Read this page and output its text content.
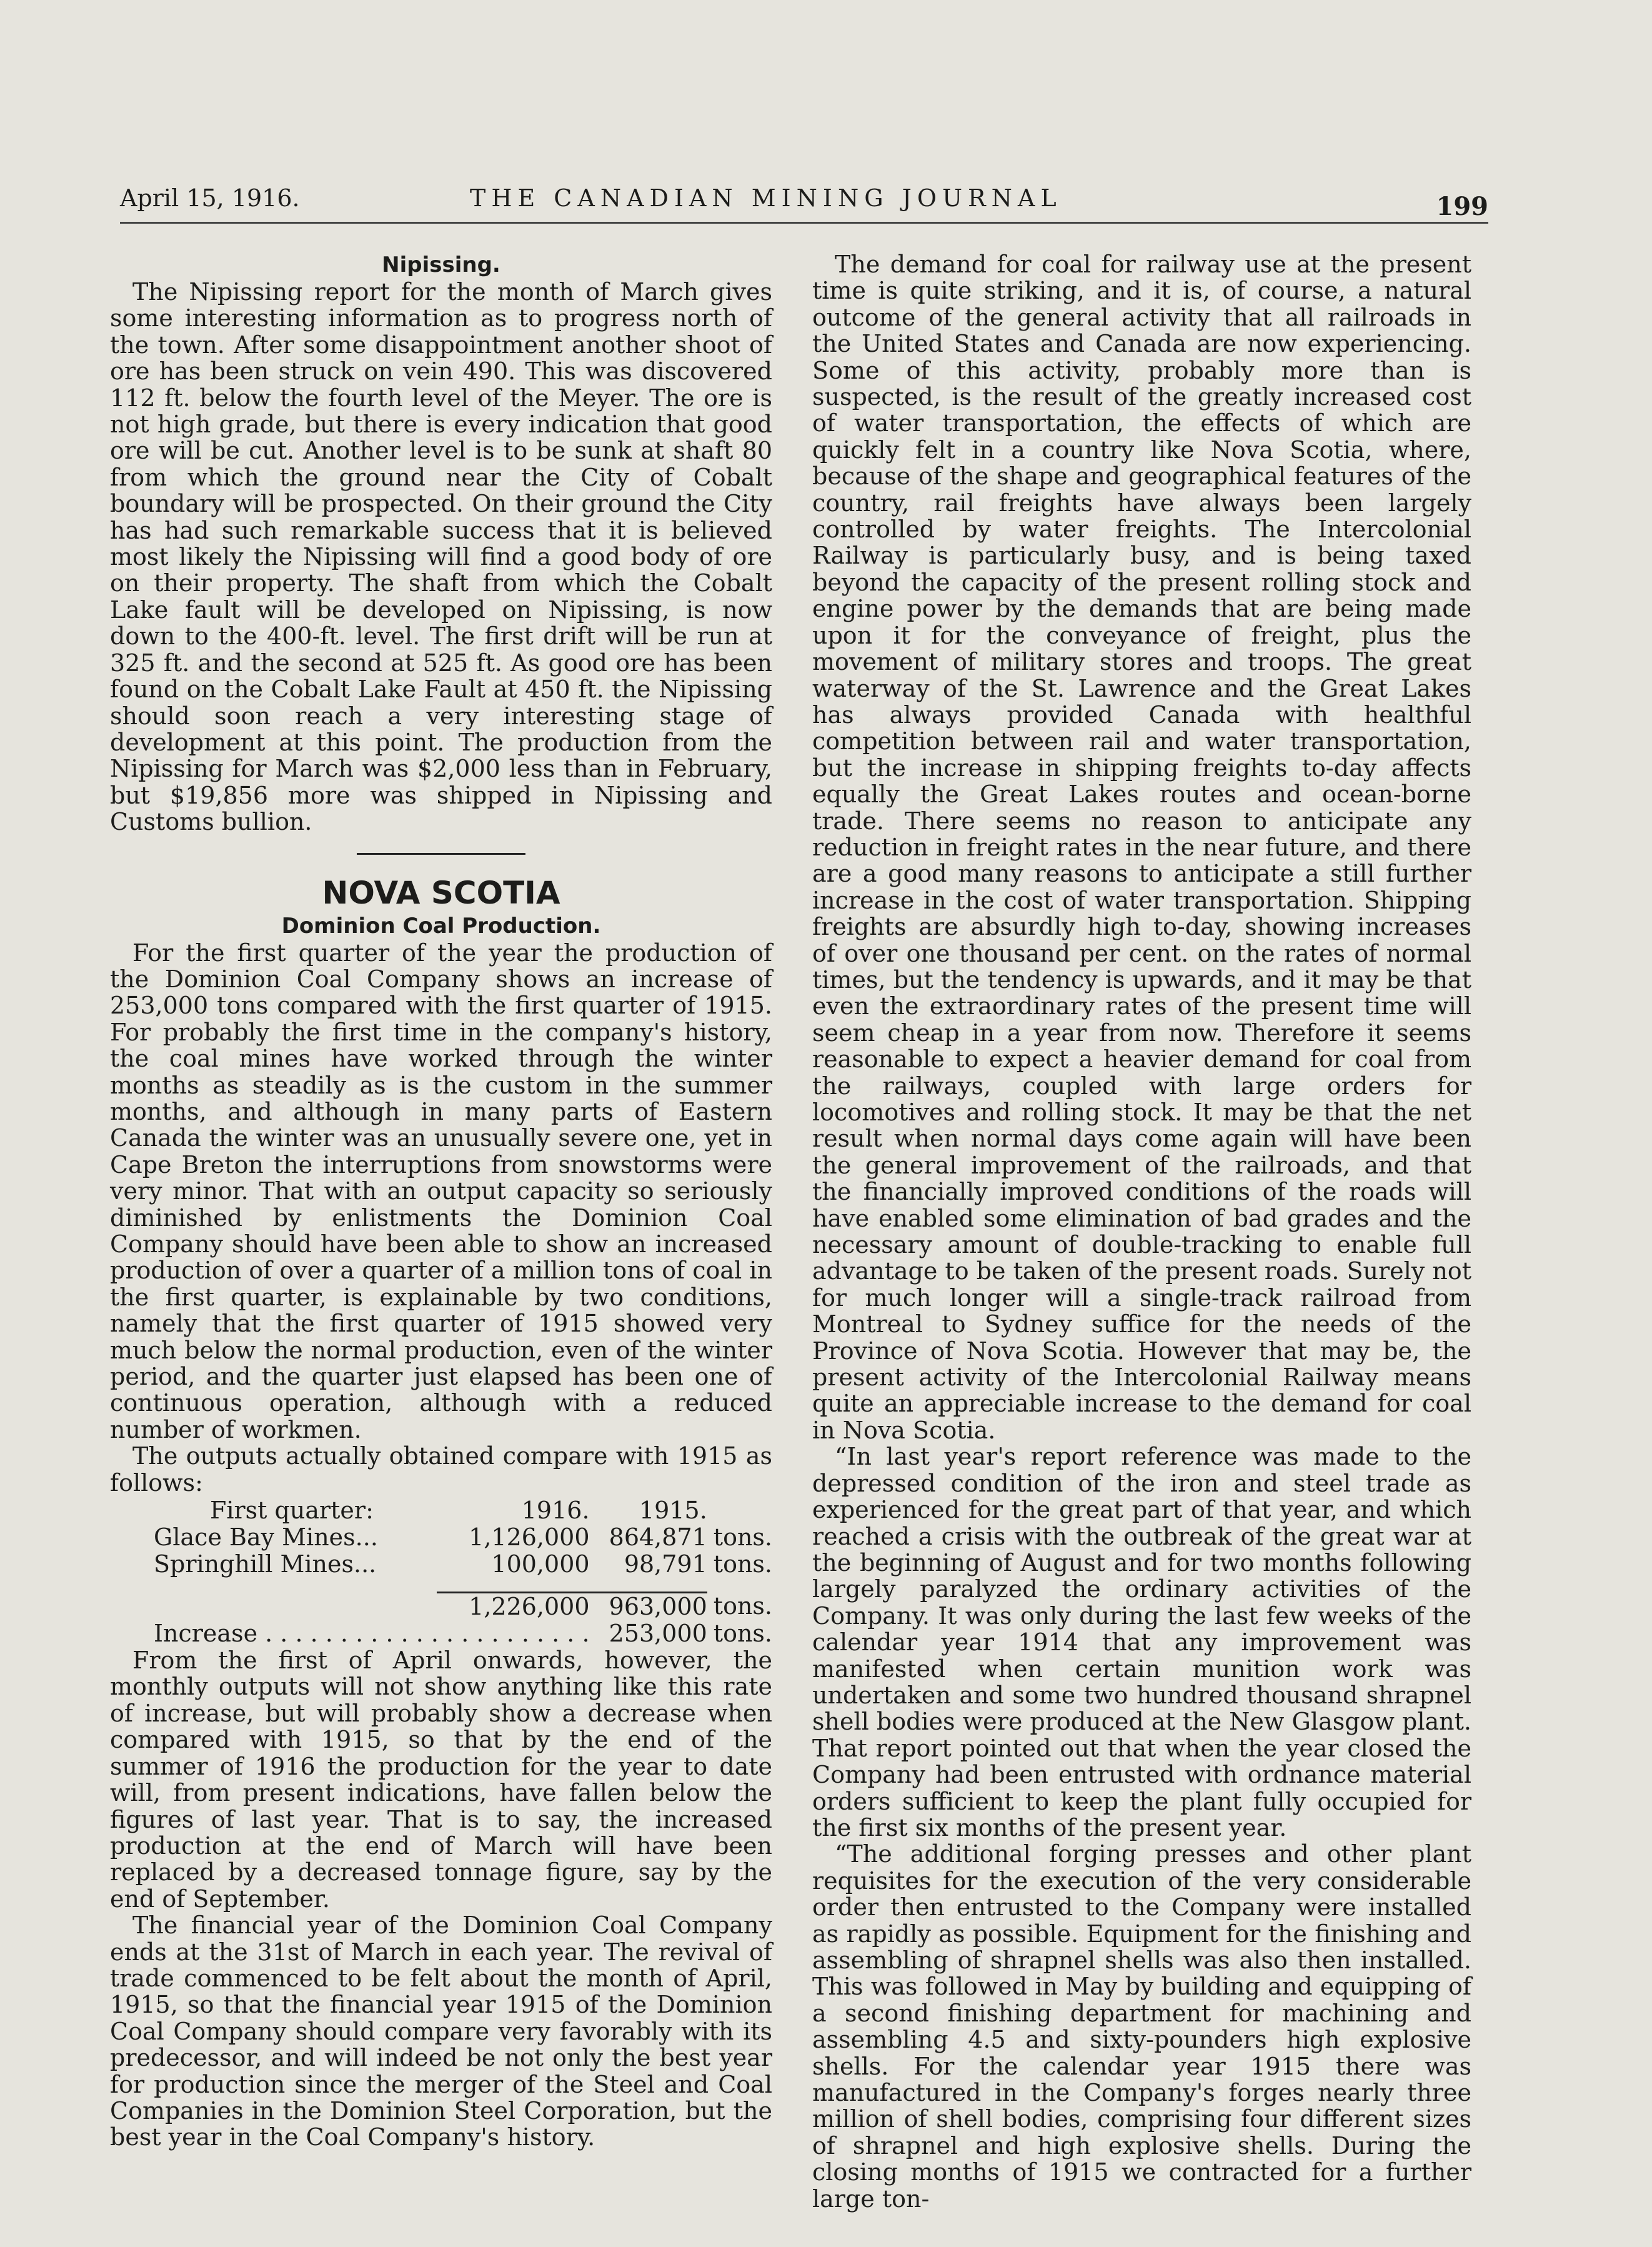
April 15, 1916.	THE CANADIAN MINING JOURNAL	199
Nipissing.

The Nipissing report for the month of March gives some interesting information as to progress north of the town. After some disappointment another shoot of ore has been struck on vein 490. This was discovered 112 ft. below the fourth level of the Meyer. The ore is not high grade, but there is every indication that good ore will be cut. Another level is to be sunk at shaft 80 from which the ground near the City of Cobalt boundary will be prospected. On their ground the City has had such remarkable success that it is believed most likely the Nipissing will find a good body of ore on their property. The shaft from which the Cobalt Lake fault will be developed on Nipissing, is now down to the 400-ft. level. The first drift will be run at 325 ft. and the second at 525 ft. As good ore has been found on the Cobalt Lake Fault at 450 ft. the Nipissing should soon reach a very interesting stage of development at this point. The production from the Nipissing for March was $2,000 less than in February, but $19,856 more was shipped in Nipissing and Customs bullion.

NOVA SCOTIA
Dominion Coal Production.

For the first quarter of the year the production of the Dominion Coal Company shows an increase of 253,000 tons compared with the first quarter of 1915. For probably the first time in the company's history, the coal mines have worked through the winter months as steadily as is the custom in the summer months, and although in many parts of Eastern Canada the winter was an unusually severe one, yet in Cape Breton the interruptions from snowstorms were very minor. That with an output capacity so seriously diminished by enlistments the Dominion Coal Company should have been able to show an increased production of over a quarter of a million tons of coal in the first quarter, is explainable by two conditions, namely that the first quarter of 1915 showed very much below the normal production, even of the winter period, and the quarter just elapsed has been one of continuous operation, although with a reduced number of workmen.

The outputs actually obtained compare with 1915 as follows:

First quarter:	1916.	1915.	
Glace Bay Mines...	1,126,000	864,871	tons.
Springhill Mines...	100,000	98,791	tons.

	1,226,000	963,000	tons.
Increase . . . . . . . . . . . . . . . . . . . . . .		253,000	tons.

From the first of April onwards, however, the monthly outputs will not show anything like this rate of increase, but will probably show a decrease when compared with 1915, so that by the end of the summer of 1916 the production for the year to date will, from present indications, have fallen below the figures of last year. That is to say, the increased production at the end of March will have been replaced by a decreased tonnage figure, say by the end of September.

The financial year of the Dominion Coal Company ends at the 31st of March in each year. The revival of trade commenced to be felt about the month of April, 1915, so that the financial year 1915 of the Dominion Coal Company should compare very favorably with its predecessor, and will indeed be not only the best year for production since the merger of the Steel and Coal Companies in the Dominion Steel Corporation, but the best year in the Coal Company's history.

The demand for coal for railway use at the present time is quite striking, and it is, of course, a natural outcome of the general activity that all railroads in the United States and Canada are now experiencing. Some of this activity, probably more than is suspected, is the result of the greatly increased cost of water transportation, the effects of which are quickly felt in a country like Nova Scotia, where, because of the shape and geographical features of the country, rail freights have always been largely controlled by water freights. The Intercolonial Railway is particularly busy, and is being taxed beyond the capacity of the present rolling stock and engine power by the demands that are being made upon it for the conveyance of freight, plus the movement of military stores and troops. The great waterway of the St. Lawrence and the Great Lakes has always provided Canada with healthful competition between rail and water transportation, but the increase in shipping freights to-day affects equally the Great Lakes routes and ocean-borne trade. There seems no reason to anticipate any reduction in freight rates in the near future, and there are a good many reasons to anticipate a still further increase in the cost of water transportation. Shipping freights are absurdly high to-day, showing increases of over one thousand per cent. on the rates of normal times, but the tendency is upwards, and it may be that even the extraordinary rates of the present time will seem cheap in a year from now. Therefore it seems reasonable to expect a heavier demand for coal from the railways, coupled with large orders for locomotives and rolling stock. It may be that the net result when normal days come again will have been the general improvement of the railroads, and that the financially improved conditions of the roads will have enabled some elimination of bad grades and the necessary amount of double-tracking to enable full advantage to be taken of the present roads. Surely not for much longer will a single-track railroad from Montreal to Sydney suffice for the needs of the Province of Nova Scotia. However that may be, the present activity of the Intercolonial Railway means quite an appreciable increase to the demand for coal in Nova Scotia.

“In last year's report reference was made to the depressed condition of the iron and steel trade as experienced for the great part of that year, and which reached a crisis with the outbreak of the great war at the beginning of August and for two months following largely paralyzed the ordinary activities of the Company. It was only during the last few weeks of the calendar year 1914 that any improvement was manifested when certain munition work was undertaken and some two hundred thousand shrapnel shell bodies were produced at the New Glasgow plant. That report pointed out that when the year closed the Company had been entrusted with ordnance material orders sufficient to keep the plant fully occupied for the first six months of the present year.

“The additional forging presses and other plant requisites for the execution of the very considerable order then entrusted to the Company were installed as rapidly as possible. Equipment for the finishing and assembling of shrapnel shells was also then installed. This was followed in May by building and equipping of a second finishing department for machining and assembling 4.5 and sixty-pounders high explosive shells. For the calendar year 1915 there was manufactured in the Company's forges nearly three million of shell bodies, comprising four different sizes of shrapnel and high explosive shells. During the closing months of 1915 we contracted for a further large ton-
